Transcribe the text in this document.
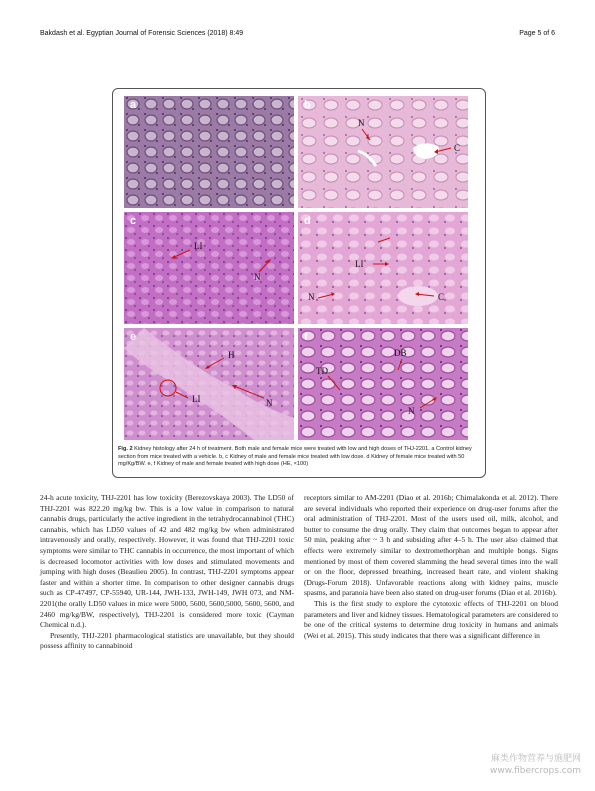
Bakdash et al. Egyptian Journal of Forensic Sciences (2018) 8:49	Page 5 of 6
a	b
N
C
c
LI
N
d
LI
N	C
e
H
LI	N
f
DB
TD
N
Fig. 2 Kidney histology after 24 h of treatment. Both male and female mice were treated with low and high doses of THJ-2201. a Control kidney section from mice treated with a vehicle. b, c Kidney of male and female mice treated with low dose. d Kidney of female mice treated with 50 mg/Kg/BW. e, f Kidney of male and female treated with high dose (HE, ×100)

24-h acute toxicity, THJ-2201 has low toxicity (Berezovskaya 2003). The LD50 of THJ-2201 was 822.20 mg/kg bw. This is a low value in comparison to natural cannabis drugs, particularly the active ingredient in the tetrahydrocannabinol (THC) cannabis, which has LD50 values of 42 and 482 mg/kg bw when administrated intravenously and orally, respectively. However, it was found that THJ-2201 toxic symptoms were similar to THC cannabis in occurrence, the most important of which is decreased locomotor activities with low doses and stimulated movements and jumping with high doses (Beaulieu 2005). In contrast, THJ-2201 symptoms appear faster and within a shorter time. In comparison to other designer cannabis drugs such as CP-47497, CP-55940, UR-144, JWH-133, JWH-149, JWH 073, and NM-2201(the orally LD50 values in mice were 5000, 5600, 5600,5000, 5600, 5600, and 2460 mg/kg/BW, respectively), THJ-2201 is considered more toxic (Cayman Chemical n.d.).

Presently, THJ-2201 pharmacological statistics are unavailable, but they should possess affinity to cannabinoid

receptors similar to AM-2201 (Diao et al. 2016b; Chimalakonda et al. 2012). There are several individuals who reported their experience on drug-user forums after the oral administration of THJ-2201. Most of the users used oil, milk, alcohol, and butter to consume the drug orally. They claim that outcomes began to appear after 50 min, peaking after ~ 3 h and subsiding after 4–5 h. The user also claimed that effects were extremely similar to dextromethorphan and multiple bongs. Signs mentioned by most of them covered slamming the head several times into the wall or on the floor, depressed breathing, increased heart rate, and violent shaking (Drugs-Forum 2018). Unfavorable reactions along with kidney pains, muscle spasms, and paranoia have been also stated on drug-user forums (Diao et al. 2016b).

This is the first study to explore the cytotoxic effects of THJ-2201 on blood parameters and liver and kidney tissues. Hematological parameters are considered to be one of the critical systems to determine drug toxicity in humans and animals (Wei et al. 2015). This study indicates that there was a significant difference in

麻类作物营养与施肥网
www.fibercrops.com
